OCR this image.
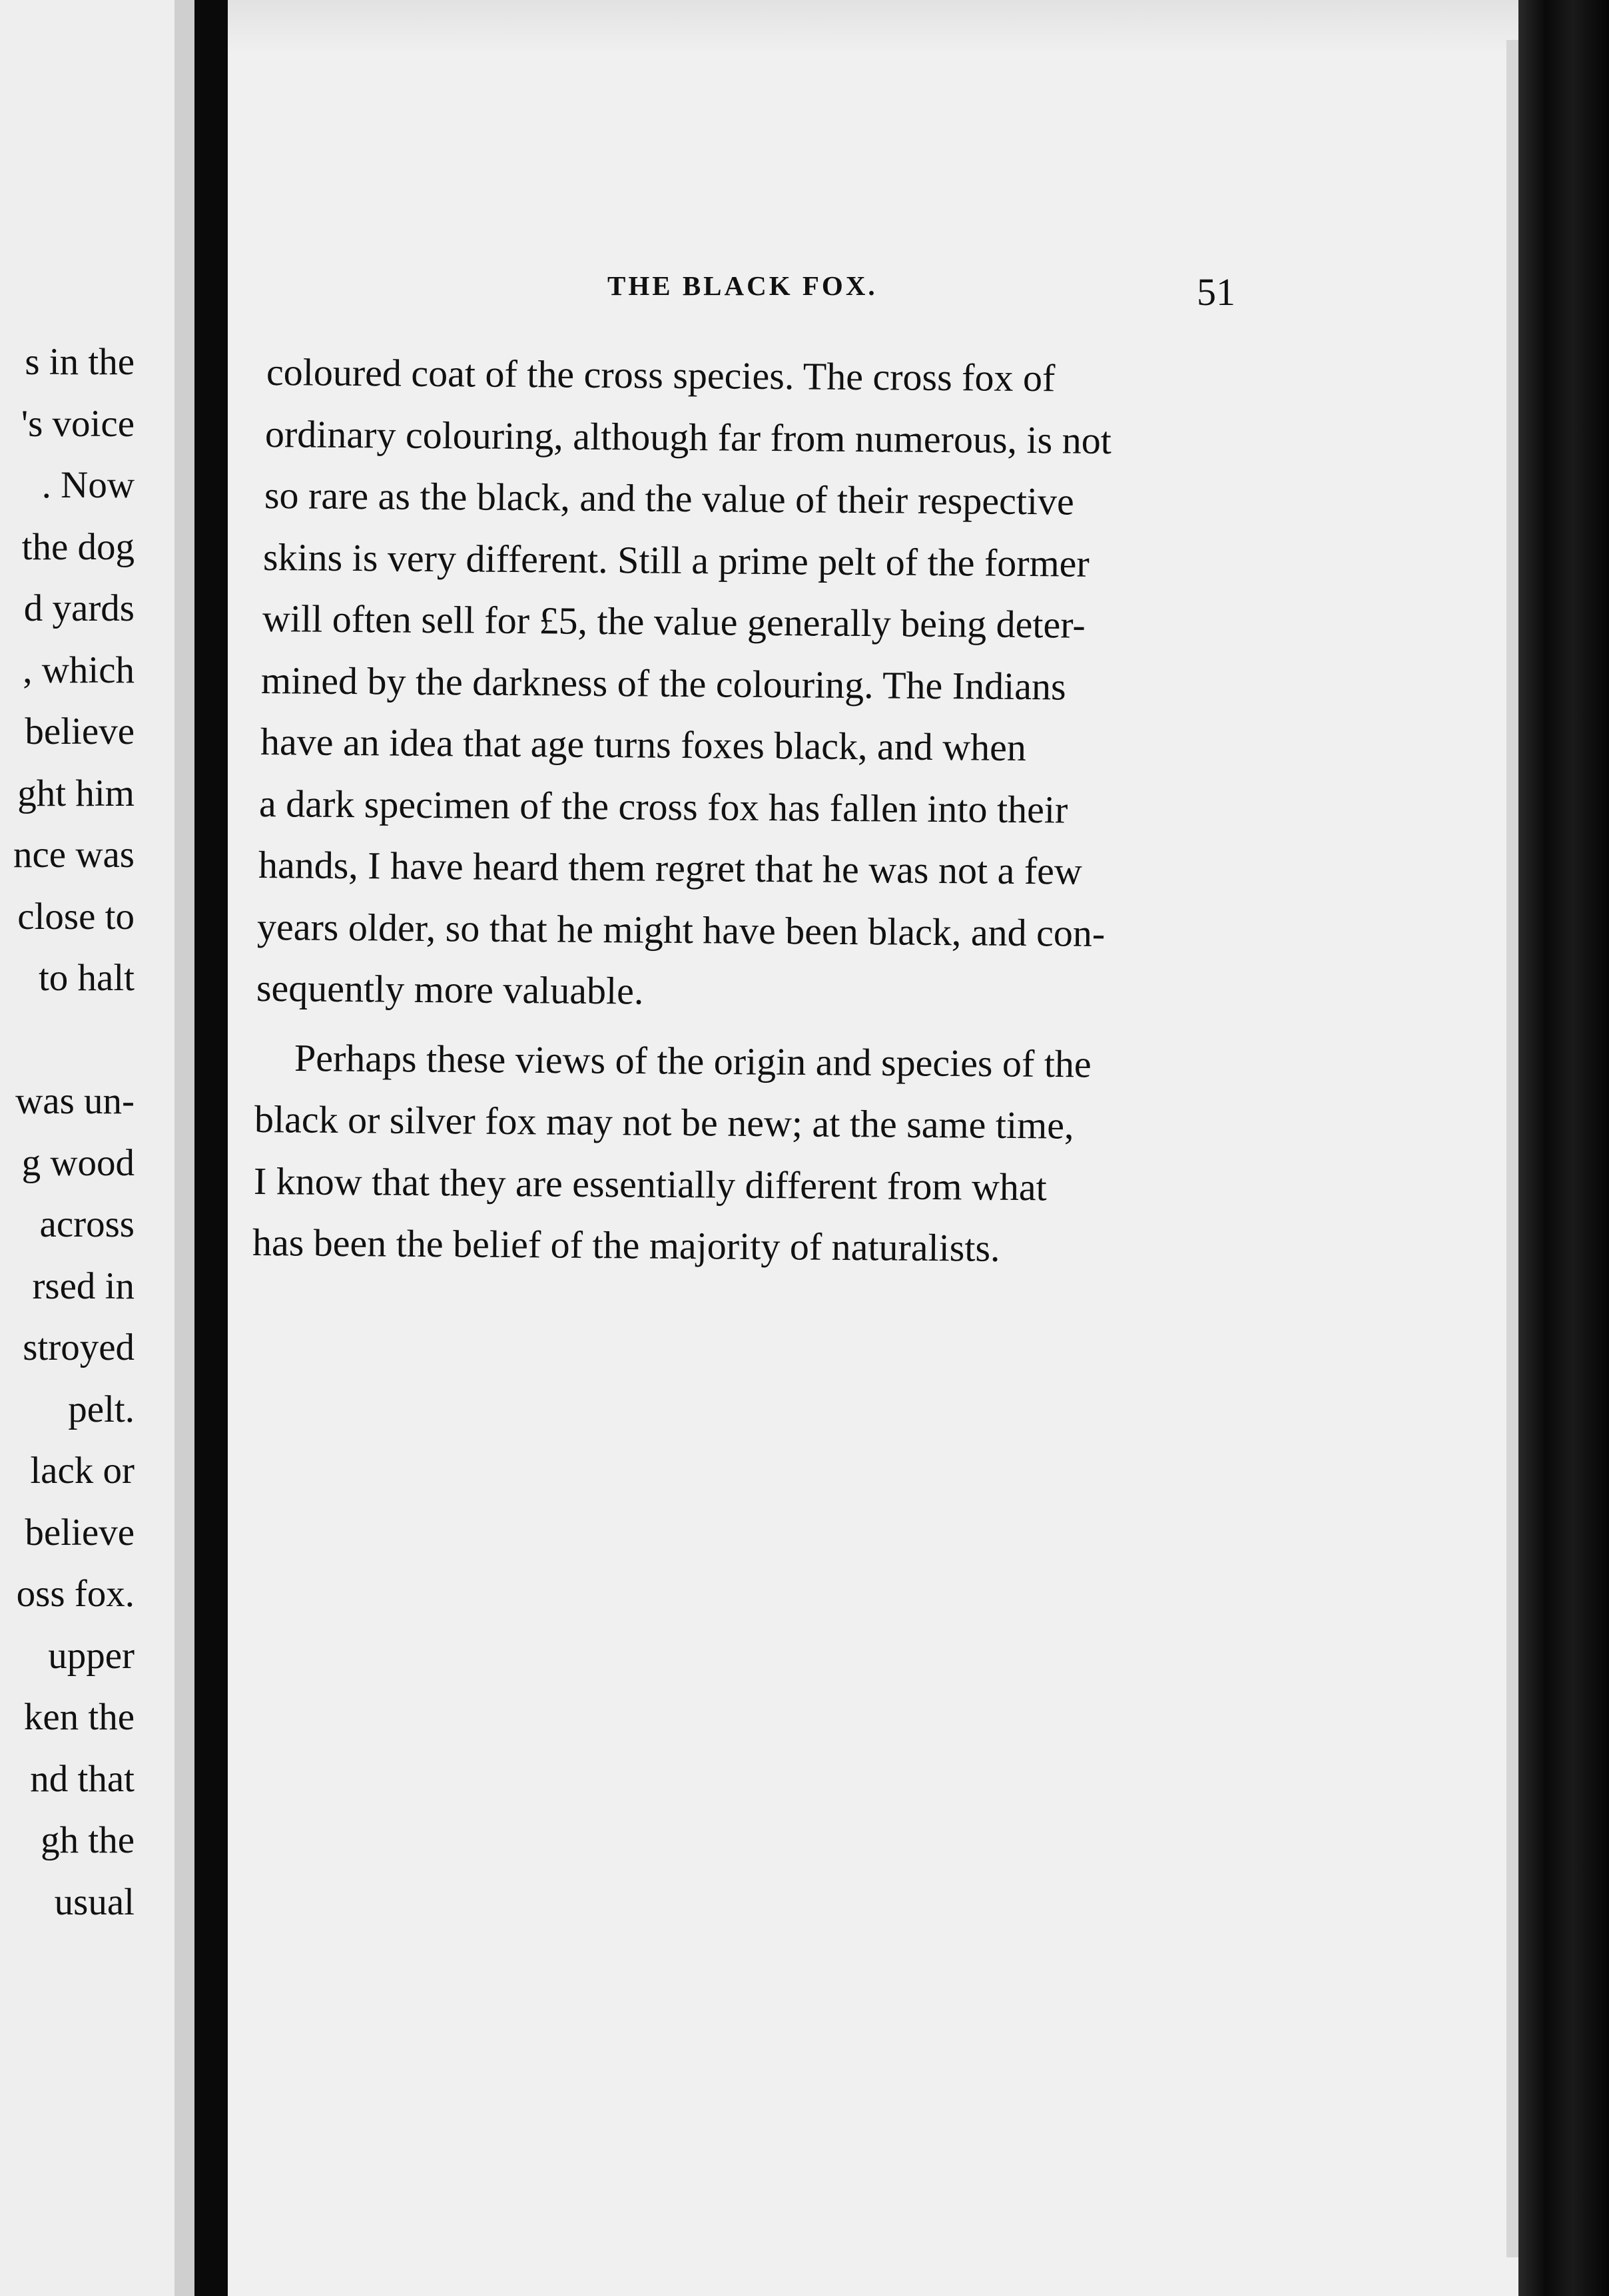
s in the
's voice
. Now
the dog
d yards
, which
believe
ght him
nce was
close to
to halt
was un-
g wood
across
rsed in
stroyed
pelt.
lack or
believe
oss fox.
upper
ken the
nd that
gh the
usual
THE BLACK FOX.	51
coloured coat of the cross species. The cross fox of
ordinary colouring, although far from numerous, is not
so rare as the black, and the value of their respective
skins is very different. Still a prime pelt of the former
will often sell for £5, the value generally being deter-
mined by the darkness of the colouring. The Indians
have an idea that age turns foxes black, and when
a dark specimen of the cross fox has fallen into their
hands, I have heard them regret that he was not a few
years older, so that he might have been black, and con-
sequently more valuable.
Perhaps these views of the origin and species of the
black or silver fox may not be new; at the same time,
I know that they are essentially different from what
has been the belief of the majority of naturalists.
